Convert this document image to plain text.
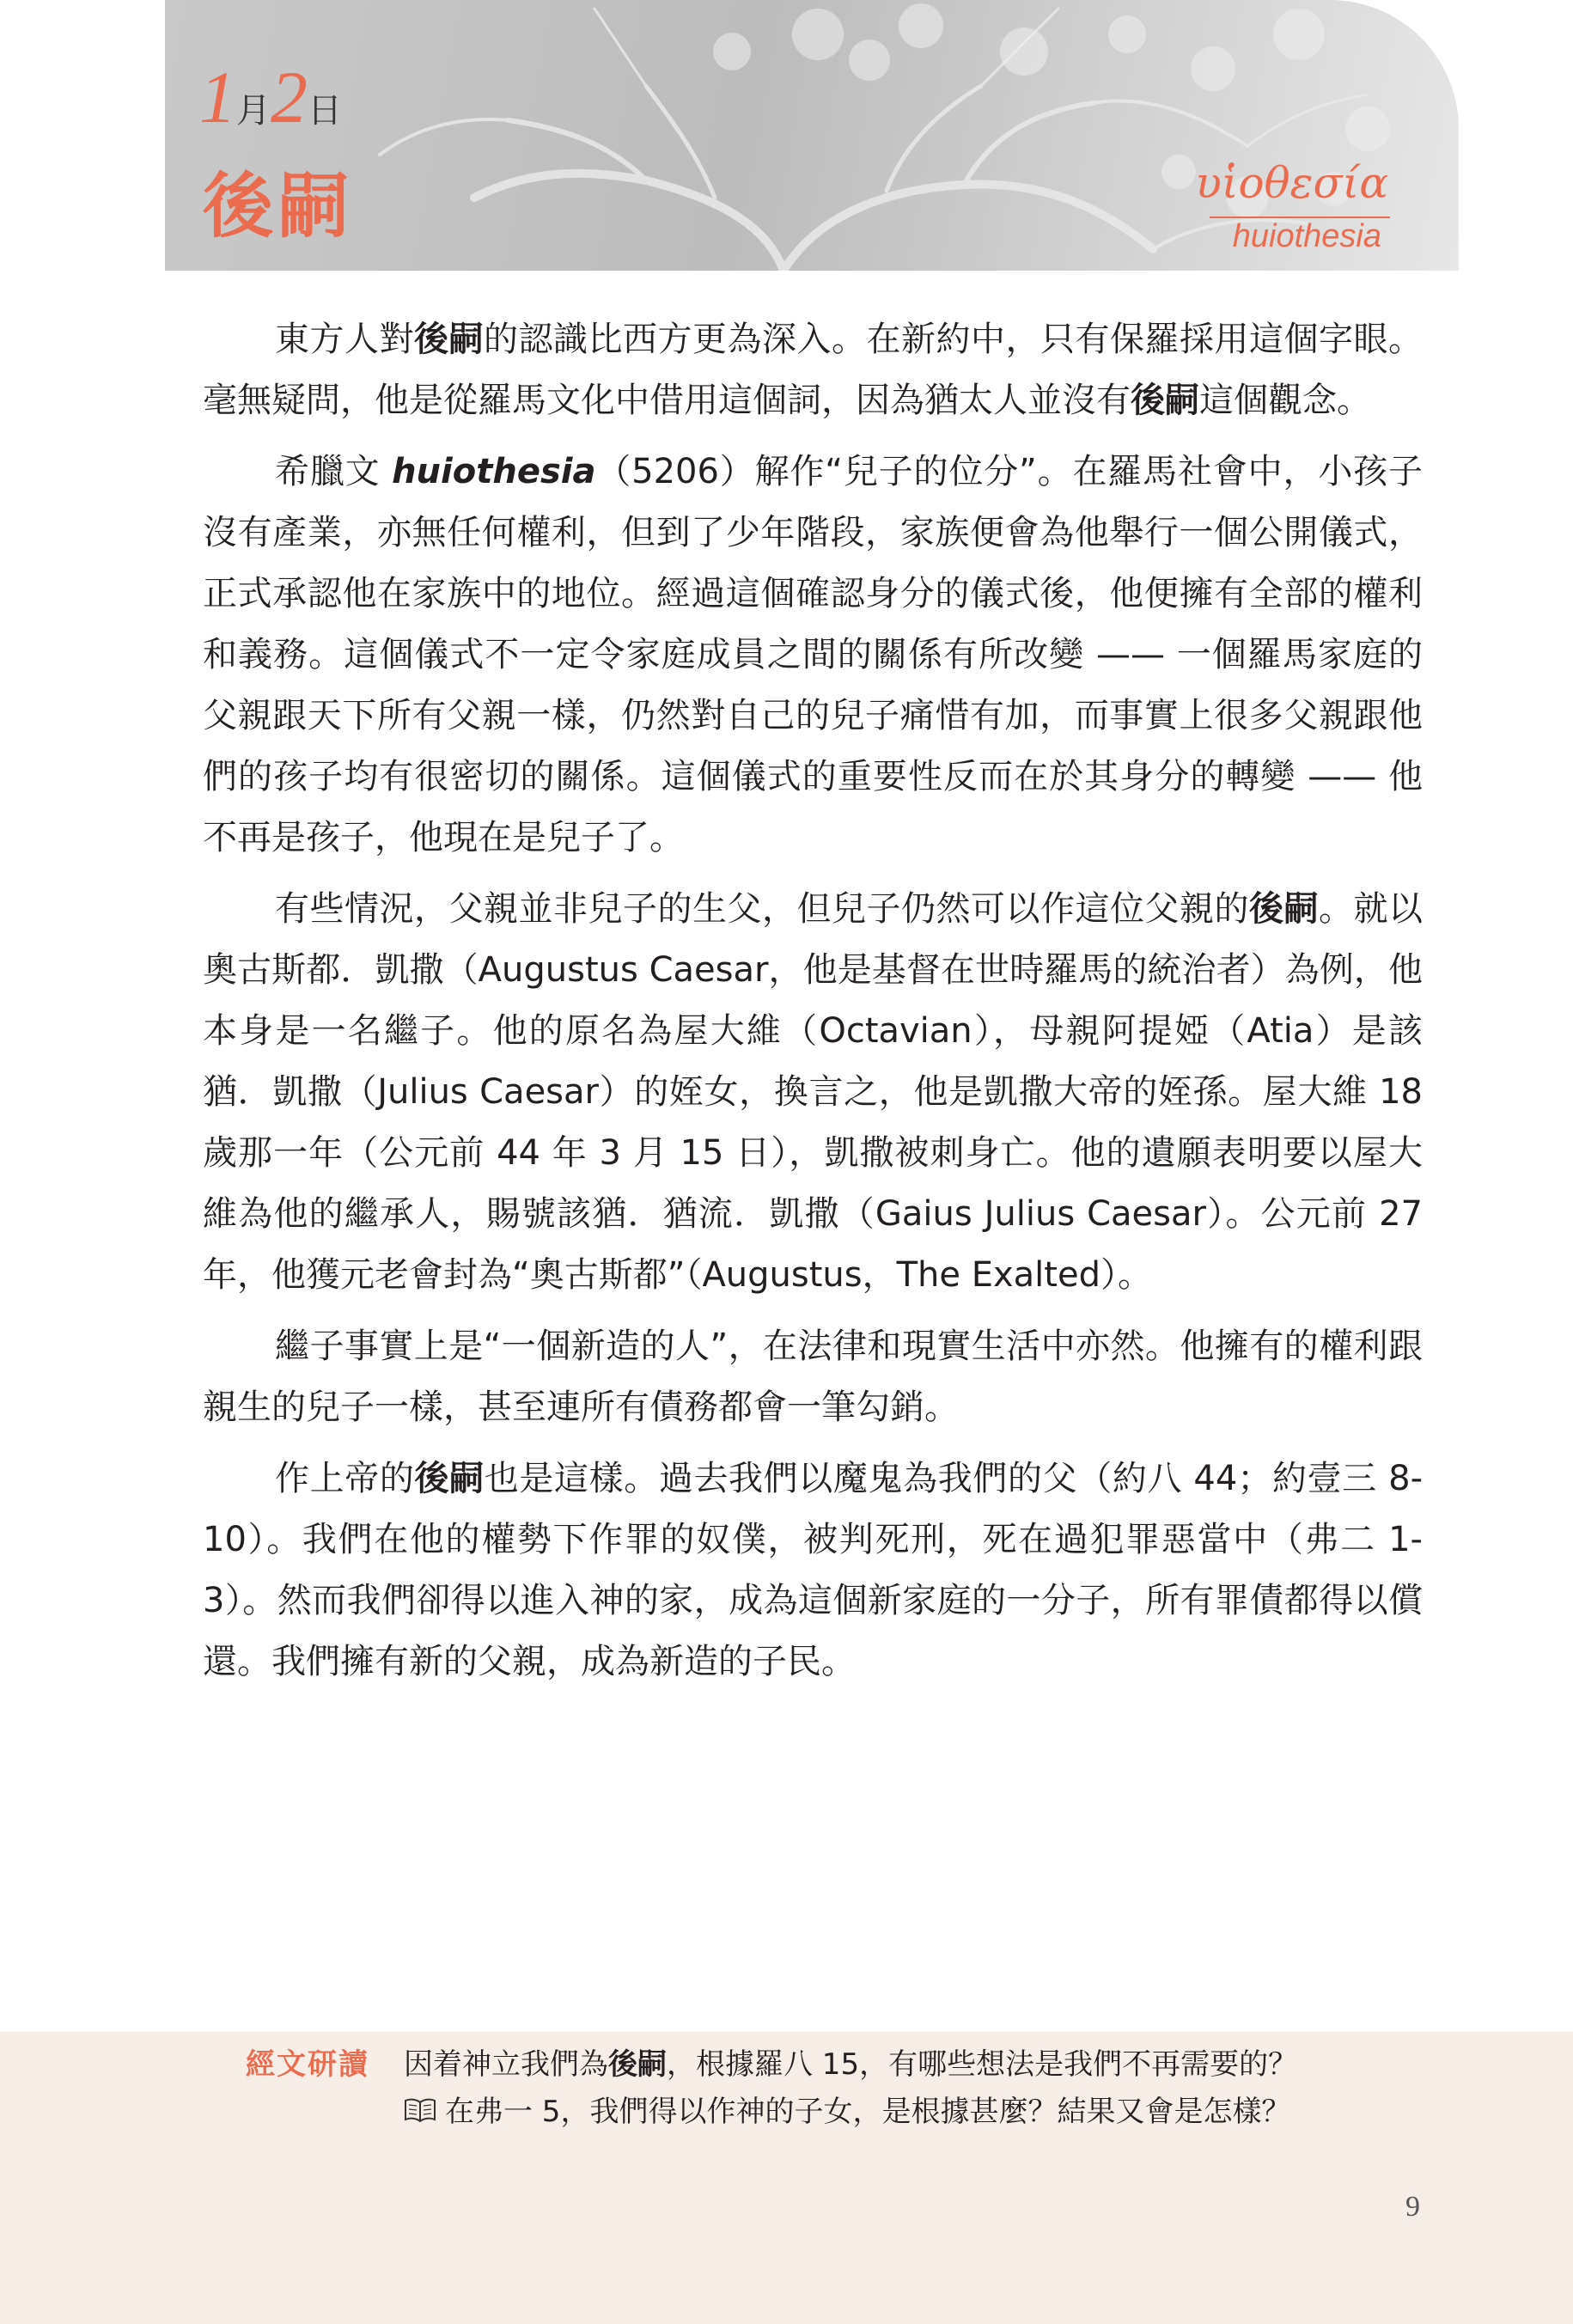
1月2日
後嗣	υἱοθεσία
huiothesia

東方人對後嗣的認識比西方更為深入。在新約中，只有保羅採用這個字眼。毫無疑問，他是從羅馬文化中借用這個詞，因為猶太人並沒有後嗣這個觀念。

希臘文 huiothesia（5206）解作“兒子的位分”。在羅馬社會中，小孩子沒有產業，亦無任何權利，但到了少年階段，家族便會為他舉行一個公開儀式，正式承認他在家族中的地位。經過這個確認身分的儀式後，他便擁有全部的權利和義務。這個儀式不一定令家庭成員之間的關係有所改變 —— 一個羅馬家庭的父親跟天下所有父親一樣，仍然對自己的兒子痛惜有加，而事實上很多父親跟他們的孩子均有很密切的關係。這個儀式的重要性反而在於其身分的轉變 —— 他不再是孩子，他現在是兒子了。

有些情況，父親並非兒子的生父，但兒子仍然可以作這位父親的後嗣。就以奧古斯都．凱撒（Augustus Caesar，他是基督在世時羅馬的統治者）為例，他本身是一名繼子。他的原名為屋大維（Octavian），母親阿提婭（Atia）是該猶．凱撒（Julius Caesar）的姪女，換言之，他是凱撒大帝的姪孫。屋大維 18 歲那一年（公元前 44 年 3 月 15 日），凱撒被刺身亡。他的遺願表明要以屋大維為他的繼承人，賜號該猶．猶流．凱撒（Gaius Julius Caesar）。公元前 27 年，他獲元老會封為“奧古斯都”（Augustus，The Exalted）。

繼子事實上是“一個新造的人”，在法律和現實生活中亦然。他擁有的權利跟親生的兒子一樣，甚至連所有債務都會一筆勾銷。

作上帝的後嗣也是這樣。過去我們以魔鬼為我們的父（約八 44；約壹三 8-10）。我們在他的權勢下作罪的奴僕，被判死刑，死在過犯罪惡當中（弗二 1-3）。然而我們卻得以進入神的家，成為這個新家庭的一分子，所有罪債都得以償還。我們擁有新的父親，成為新造的子民。

經文研讀 因着神立我們為後嗣，根據羅八 15，有哪些想法是我們不再需要的？
在弗一 5，我們得以作神的子女，是根據甚麼？結果又會是怎樣？
9
